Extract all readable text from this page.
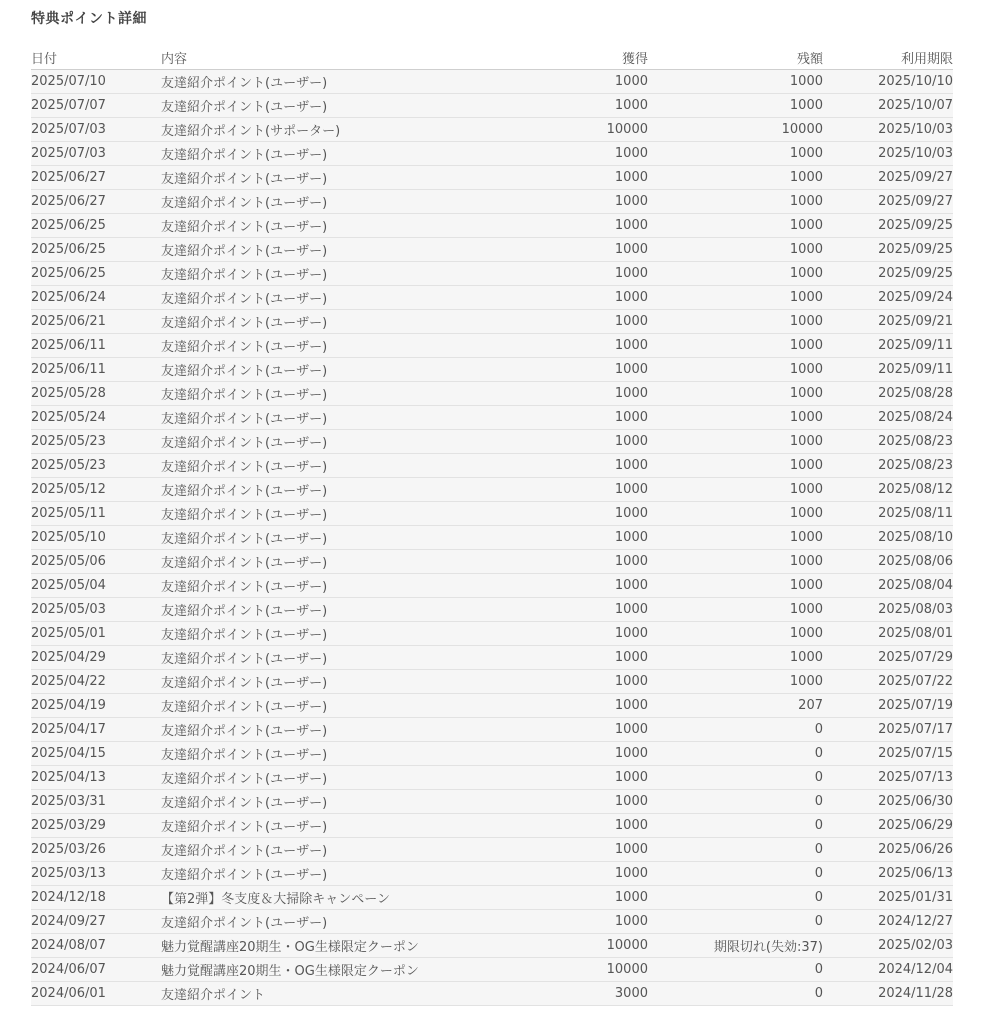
特典ポイント詳細
日付	内容	獲得	残額	利用期限
2025/07/10	友達紹介ポイント(ユーザー)	1000	1000	2025/10/10
2025/07/07	友達紹介ポイント(ユーザー)	1000	1000	2025/10/07
2025/07/03	友達紹介ポイント(サポーター)	10000	10000	2025/10/03
2025/07/03	友達紹介ポイント(ユーザー)	1000	1000	2025/10/03
2025/06/27	友達紹介ポイント(ユーザー)	1000	1000	2025/09/27
2025/06/27	友達紹介ポイント(ユーザー)	1000	1000	2025/09/27
2025/06/25	友達紹介ポイント(ユーザー)	1000	1000	2025/09/25
2025/06/25	友達紹介ポイント(ユーザー)	1000	1000	2025/09/25
2025/06/25	友達紹介ポイント(ユーザー)	1000	1000	2025/09/25
2025/06/24	友達紹介ポイント(ユーザー)	1000	1000	2025/09/24
2025/06/21	友達紹介ポイント(ユーザー)	1000	1000	2025/09/21
2025/06/11	友達紹介ポイント(ユーザー)	1000	1000	2025/09/11
2025/06/11	友達紹介ポイント(ユーザー)	1000	1000	2025/09/11
2025/05/28	友達紹介ポイント(ユーザー)	1000	1000	2025/08/28
2025/05/24	友達紹介ポイント(ユーザー)	1000	1000	2025/08/24
2025/05/23	友達紹介ポイント(ユーザー)	1000	1000	2025/08/23
2025/05/23	友達紹介ポイント(ユーザー)	1000	1000	2025/08/23
2025/05/12	友達紹介ポイント(ユーザー)	1000	1000	2025/08/12
2025/05/11	友達紹介ポイント(ユーザー)	1000	1000	2025/08/11
2025/05/10	友達紹介ポイント(ユーザー)	1000	1000	2025/08/10
2025/05/06	友達紹介ポイント(ユーザー)	1000	1000	2025/08/06
2025/05/04	友達紹介ポイント(ユーザー)	1000	1000	2025/08/04
2025/05/03	友達紹介ポイント(ユーザー)	1000	1000	2025/08/03
2025/05/01	友達紹介ポイント(ユーザー)	1000	1000	2025/08/01
2025/04/29	友達紹介ポイント(ユーザー)	1000	1000	2025/07/29
2025/04/22	友達紹介ポイント(ユーザー)	1000	1000	2025/07/22
2025/04/19	友達紹介ポイント(ユーザー)	1000	207	2025/07/19
2025/04/17	友達紹介ポイント(ユーザー)	1000	0	2025/07/17
2025/04/15	友達紹介ポイント(ユーザー)	1000	0	2025/07/15
2025/04/13	友達紹介ポイント(ユーザー)	1000	0	2025/07/13
2025/03/31	友達紹介ポイント(ユーザー)	1000	0	2025/06/30
2025/03/29	友達紹介ポイント(ユーザー)	1000	0	2025/06/29
2025/03/26	友達紹介ポイント(ユーザー)	1000	0	2025/06/26
2025/03/13	友達紹介ポイント(ユーザー)	1000	0	2025/06/13
2024/12/18	【第2弾】冬支度＆大掃除キャンペーン	1000	0	2025/01/31
2024/09/27	友達紹介ポイント(ユーザー)	1000	0	2024/12/27
2024/08/07	魅力覚醒講座20期生・OG生様限定クーポン	10000	期限切れ(失効:37)	2025/02/03
2024/06/07	魅力覚醒講座20期生・OG生様限定クーポン	10000	0	2024/12/04
2024/06/01	友達紹介ポイント	3000	0	2024/11/28
